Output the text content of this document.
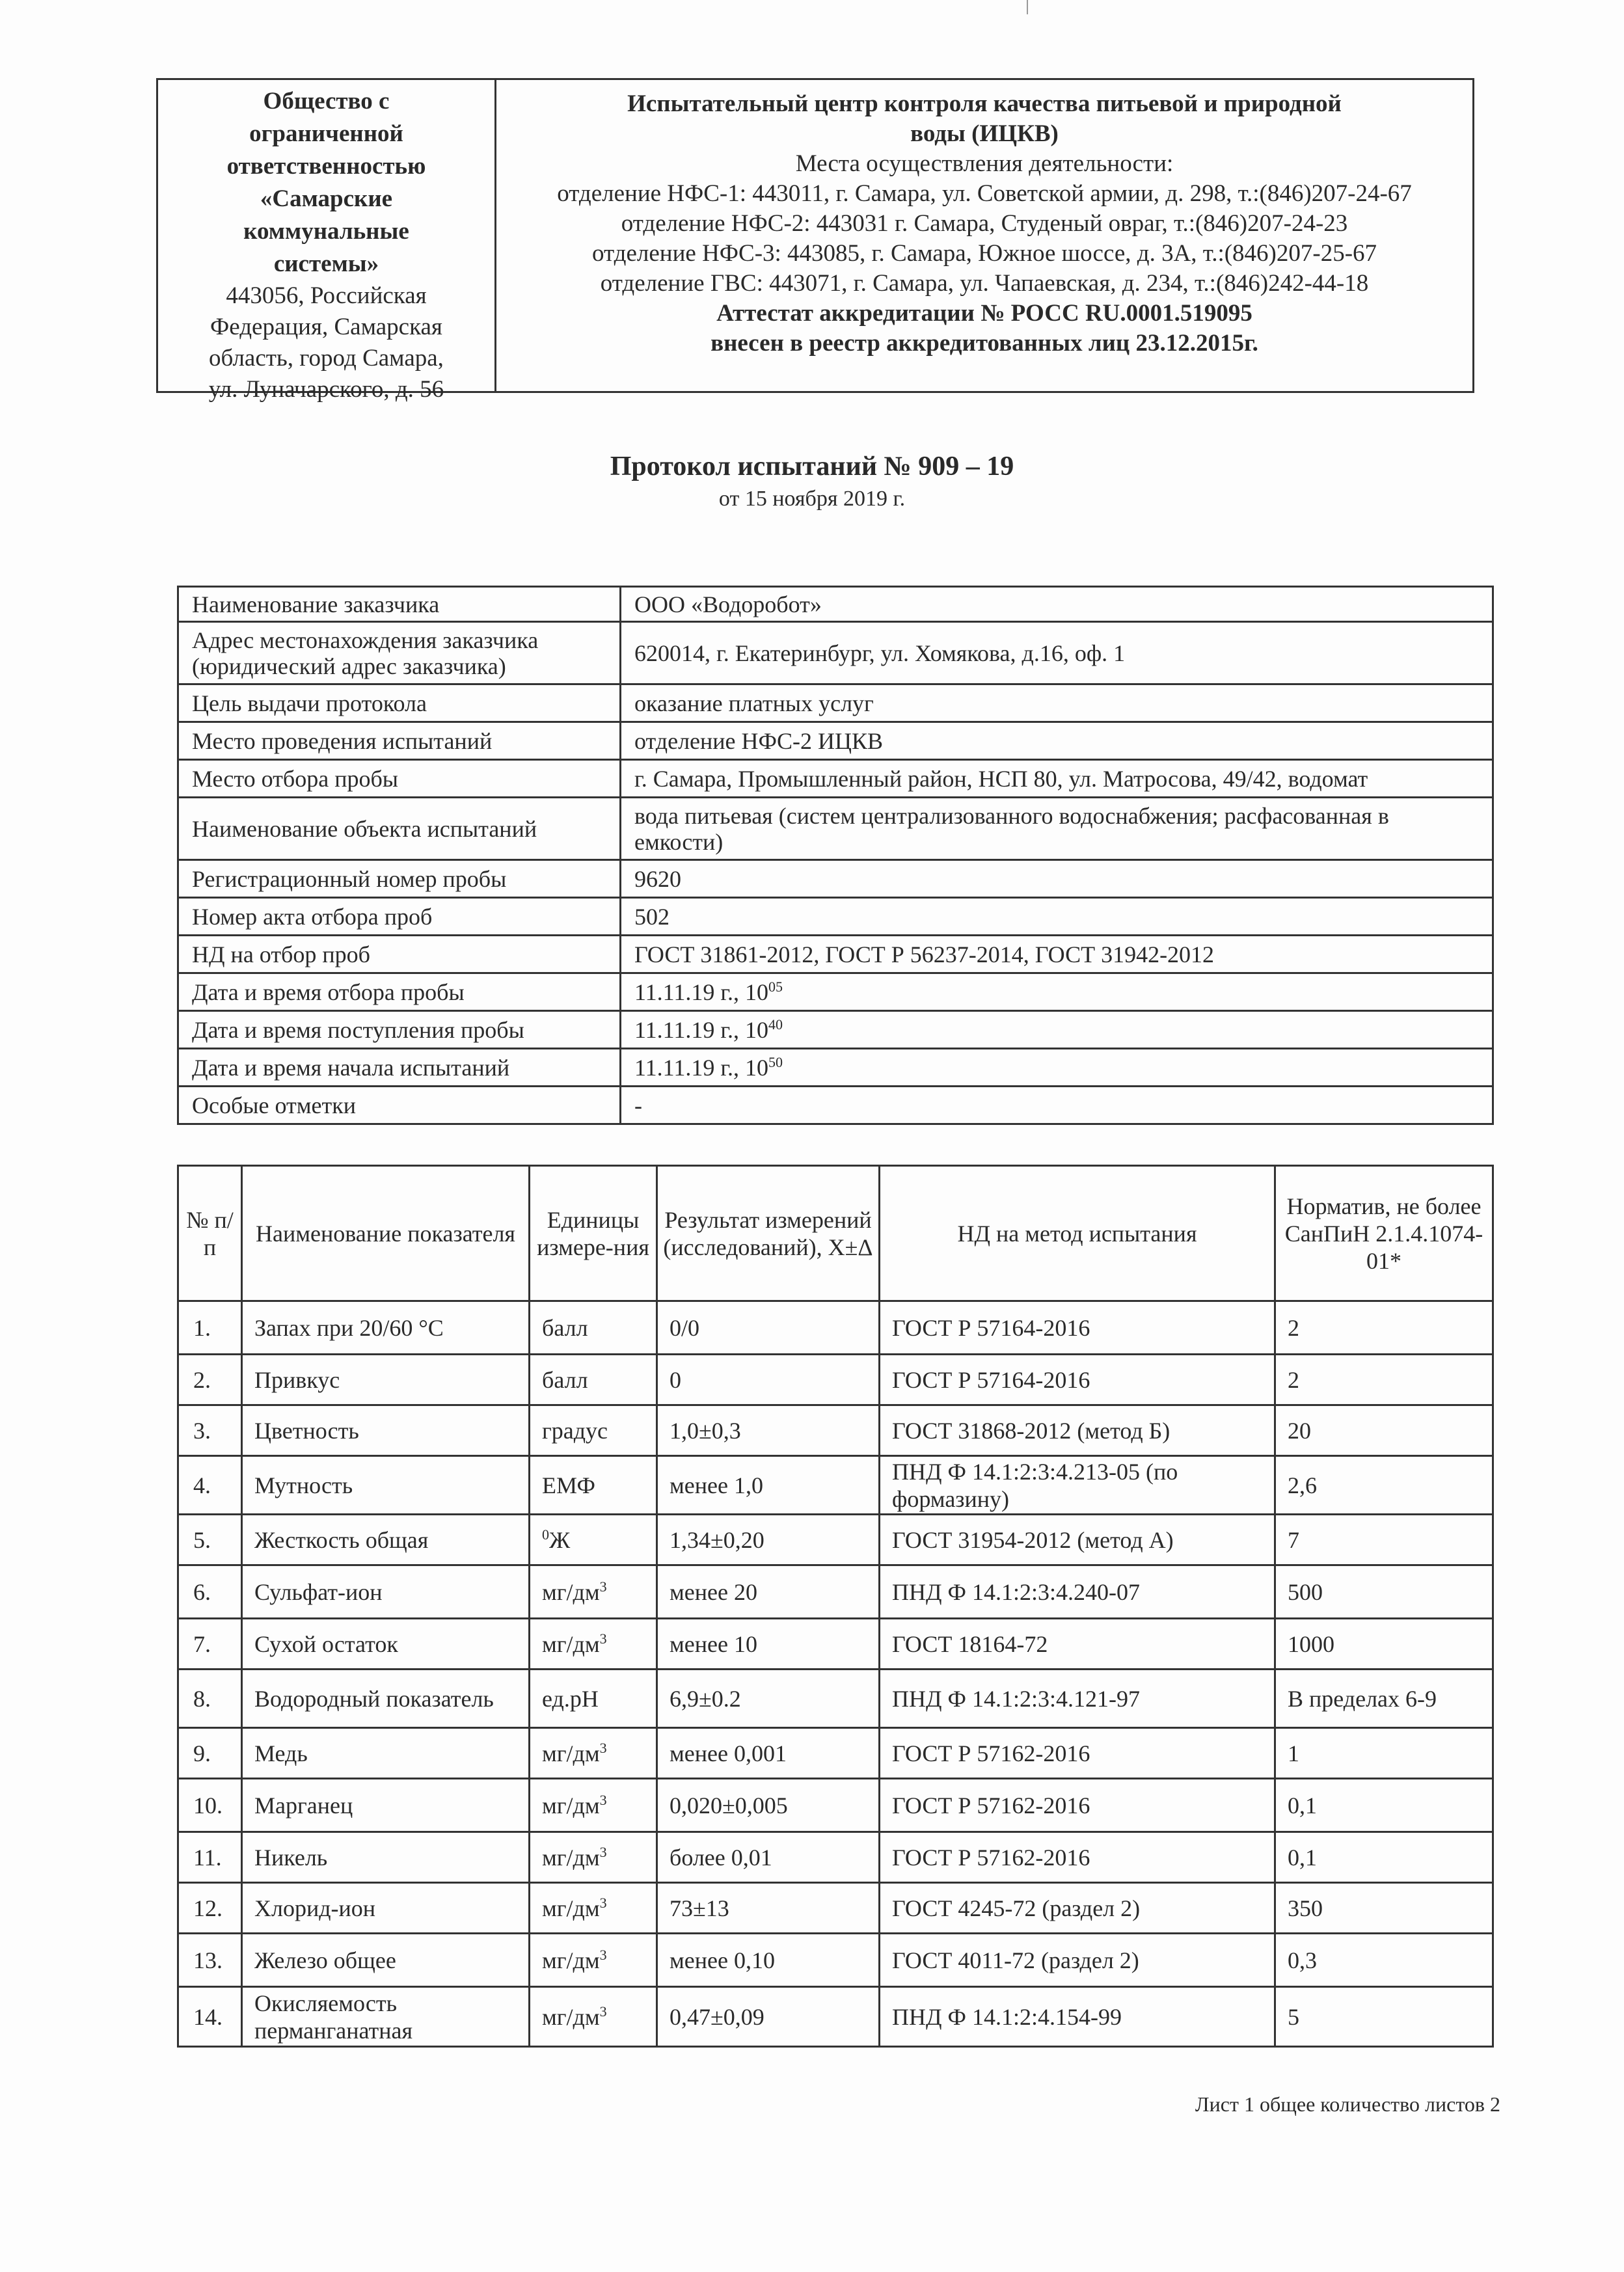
Общество с
ограниченной
ответственностью
«Самарские
коммунальные
системы»
443056, Российская
Федерация, Самарская
область, город Самара,
ул. Луначарского, д. 56
Испытательный центр контроля качества питьевой и природной
воды (ИЦКВ)
Места осуществления деятельности:
отделение НФС-1: 443011, г. Самара, ул. Советской армии, д. 298, т.:(846)207-24-67
отделение НФС-2: 443031 г. Самара, Студеный овраг, т.:(846)207-24-23
отделение НФС-3: 443085, г. Самара, Южное шоссе, д. 3А, т.:(846)207-25-67
отделение ГВС: 443071, г. Самара, ул. Чапаевская, д. 234, т.:(846)242-44-18
Аттестат аккредитации № РОСС RU.0001.519095
внесен в реестр аккредитованных лиц 23.12.2015г.
Протокол испытаний № 909 – 19
от 15 ноября 2019 г.
Наименование заказчика	ООО «Водоробот»
Адрес местонахождения заказчика (юридический адрес заказчика)	620014, г. Екатеринбург, ул. Хомякова, д.16, оф. 1
Цель выдачи протокола	оказание платных услуг
Место проведения испытаний	отделение НФС-2 ИЦКВ
Место отбора пробы	г. Самара, Промышленный район, НСП 80, ул. Матросова, 49/42, водомат
Наименование объекта испытаний	вода питьевая (систем централизованного водоснабжения; расфасованная в емкости)
Регистрационный номер пробы	9620
Номер акта отбора проб	502
НД на отбор проб	ГОСТ 31861-2012, ГОСТ Р 56237-2014, ГОСТ 31942-2012
Дата и время отбора пробы	11.11.19 г., $10^{05}$
Дата и время поступления пробы	11.11.19 г., $10^{40}$
Дата и время начала испытаний	11.11.19 г., $10^{50}$
Особые отметки	-
№ п/п	Наименование показателя	Единицы измере-ния	Результат измерений (исследований), Х±Δ	НД на метод испытания	Норматив, не более СанПиН 2.1.4.1074-01*
1.	Запах при 20/60 °С	балл	0/0	ГОСТ Р 57164-2016	2
2.	Привкус	балл	0	ГОСТ Р 57164-2016	2
3.	Цветность	градус	1,0±0,3	ГОСТ 31868-2012 (метод Б)	20
4.	Мутность	ЕМФ	менее 1,0	ПНД Ф 14.1:2:3:4.213-05 (по формазину)	2,6
5.	Жесткость общая	$^0$Ж	1,34±0,20	ГОСТ 31954-2012 (метод А)	7
6.	Сульфат-ион	$мг/дм^3$	менее 20	ПНД Ф 14.1:2:3:4.240-07	500
7.	Сухой остаток	$мг/дм^3$	менее 10	ГОСТ 18164-72	1000
8.	Водородный показатель	ед.рН	6,9±0.2	ПНД Ф 14.1:2:3:4.121-97	В пределах 6-9
9.	Медь	$мг/дм^3$	менее 0,001	ГОСТ Р 57162-2016	1
10.	Марганец	$мг/дм^3$	0,020±0,005	ГОСТ Р 57162-2016	0,1
11.	Никель	$мг/дм^3$	более 0,01	ГОСТ Р 57162-2016	0,1
12.	Хлорид-ион	$мг/дм^3$	73±13	ГОСТ 4245-72 (раздел 2)	350
13.	Железо общее	$мг/дм^3$	менее 0,10	ГОСТ 4011-72 (раздел 2)	0,3
14.	Окисляемость перманганатная	$мг/дм^3$	0,47±0,09	ПНД Ф 14.1:2:4.154-99	5
Лист 1 общее количество листов 2
